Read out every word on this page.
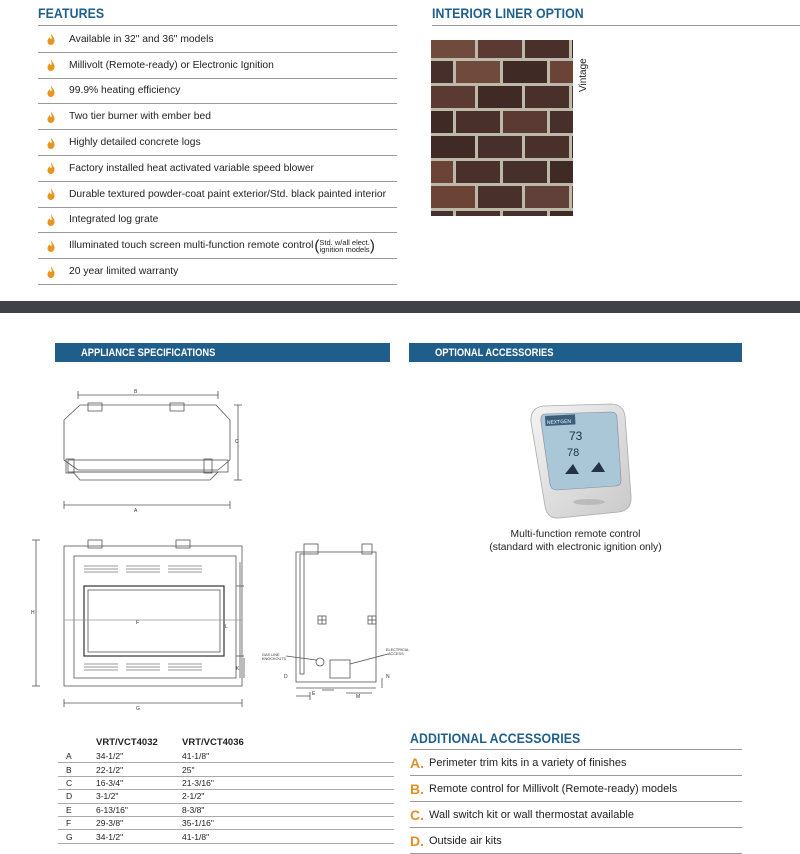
FEATURES
Available in 32" and 36" models
Millivolt (Remote-ready) or Electronic Ignition
99.9% heating efficiency
Two tier burner with ember bed
Highly detailed concrete logs
Factory installed heat activated variable speed blower
Durable textured powder-coat paint exterior/Std. black painted interior
Integrated log grate
Illuminated touch screen multi-function remote control (Std. w/all elect.
ignition models)
20 year limited warranty
INTERIOR LINER OPTION
Vintage
APPLIANCE SPECIFICATIONS
B
C
A
H
F
L
K
G
GAS LINE
KNOCKOUTS
ELECTRICAL
ACCESS
D
E	M
N
	VRT/VCT4032	VRT/VCT4036
A	34-1/2"	41-1/8"
B	22-1/2"	25"
C	16-3/4"	21-3/16"
D	3-1/2"	2-1/2"
E	6-13/16"	8-3/8"
F	29-3/8"	35-1/16"
G	34-1/2"	41-1/8"
OPTIONAL ACCESSORIES
NEXTGEN
73
78
Multi-function remote control
(standard with electronic ignition only)
ADDITIONAL ACCESSORIES
A. Perimeter trim kits in a variety of finishes
B. Remote control for Millivolt (Remote-ready) models
C. Wall switch kit or wall thermostat available
D. Outside air kits
